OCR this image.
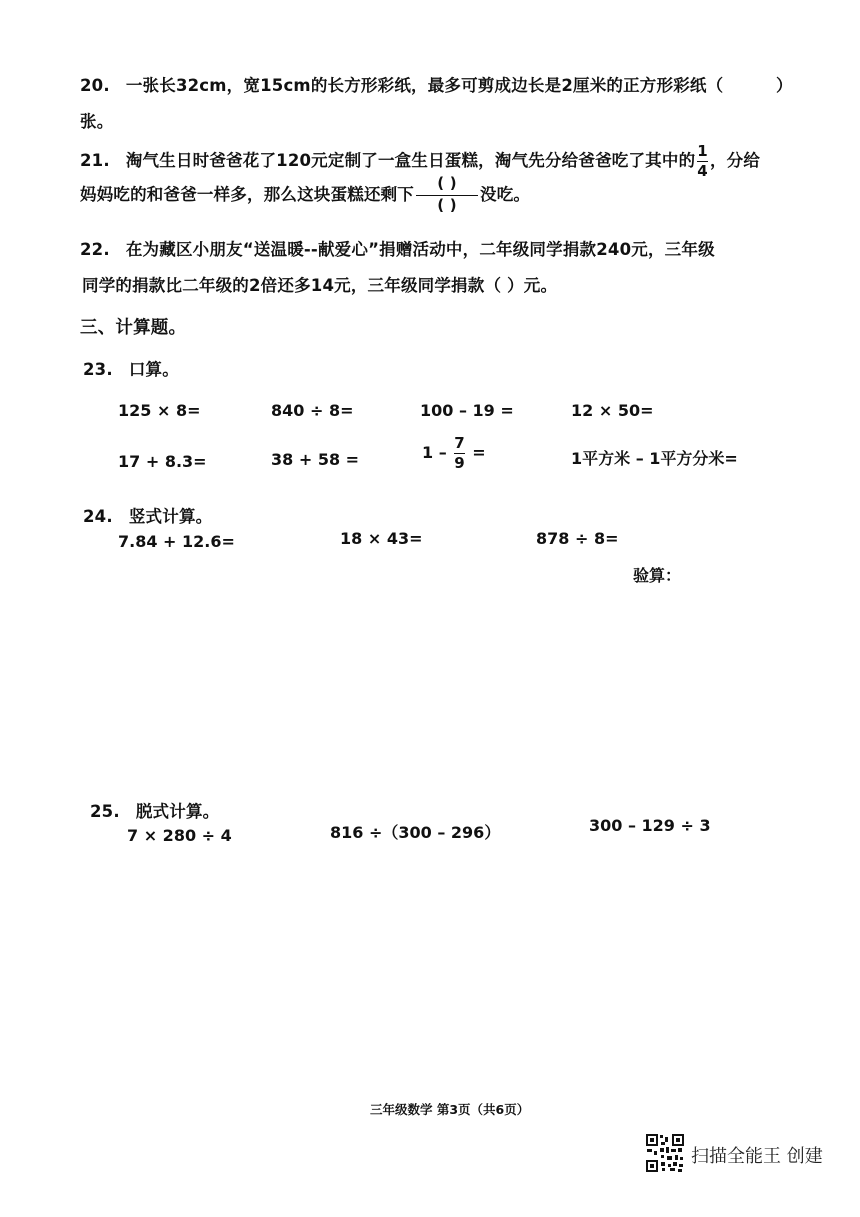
20. 一张长32cm，宽15cm的长方形彩纸，最多可剪成边长是2厘米的正方形彩纸（	）
张。
21. 淘气生日时爸爸花了120元定制了一盒生日蛋糕，淘气先分给爸爸吃了其中的 $\frac{1}{4}$ ，分给
妈妈吃的和爸爸一样多，那么这块蛋糕还剩下 $\frac{( )}{( )}$ 没吃。
22. 在为藏区小朋友“送温暖--献爱心”捐赠活动中，二年级同学捐款240元，三年级
同学的捐款比二年级的2倍还多14元，三年级同学捐款（ ）元。
三、计算题。
23. 口算。
125 × 8=	840 ÷ 8=	100 – 19 =	12 × 50=
17 + 8.3=	38 + 58 =	$1 - \frac{7}{9}$ =	1平方米 – 1平方分米=
24. 竖式计算。
7.84 + 12.6=	18 × 43=	878 ÷ 8=
验算：
25. 脱式计算。
7 × 280 ÷ 4	816 ÷（300 – 296）	300 – 129 ÷ 3
三年级数学 第3页（共6页）
扫描全能王 创建
